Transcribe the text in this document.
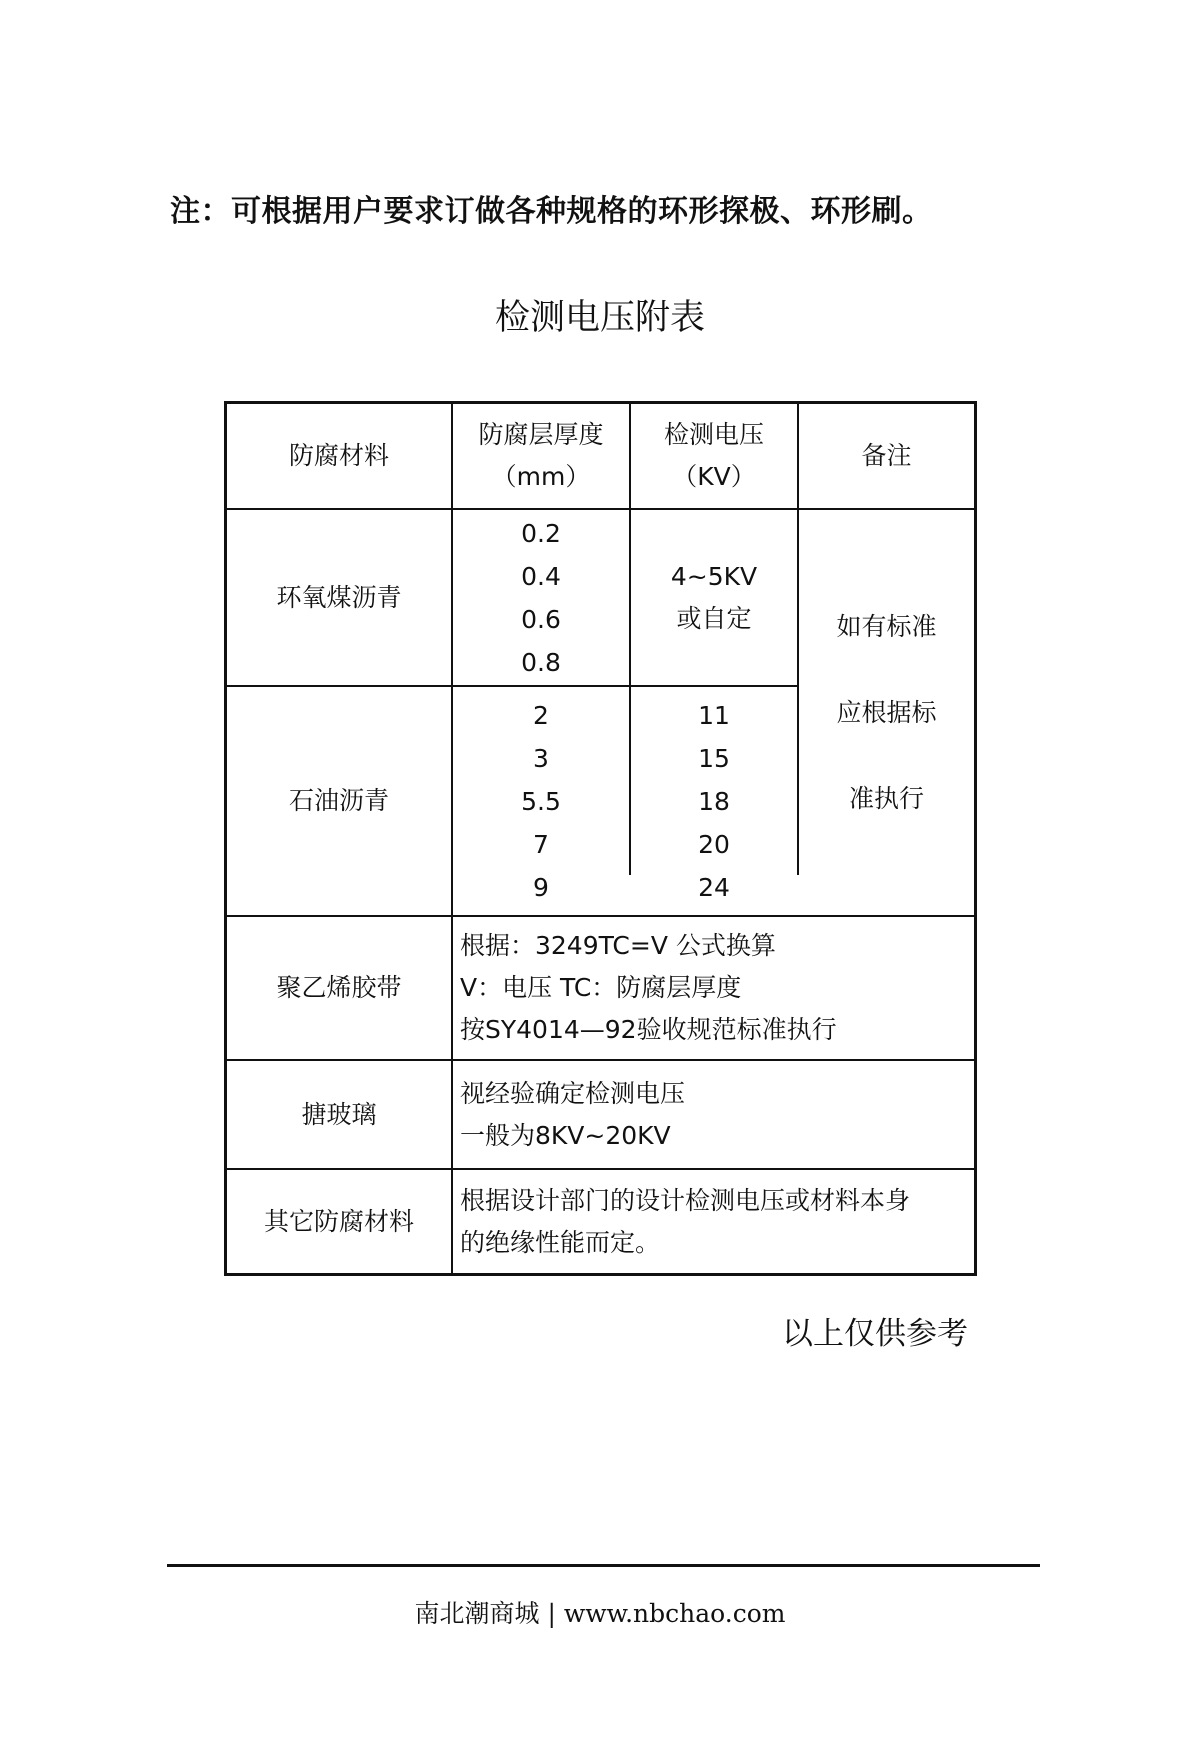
注：可根据用户要求订做各种规格的环形探极、环形刷。
检测电压附表
防腐材料
防腐层厚度
（mm）
检测电压
（KV）
备注
环氧煤沥青
0.2
0.4
0.6
0.8
4~5KV
或自定
石油沥青
2
3
5.5
7
9
11
15
18
20
24
如有标准
应根据标
准执行
聚乙烯胶带
根据：3249TC=V 公式换算
V：电压 TC：防腐层厚度
按SY4014—92验收规范标准执行
搪玻璃
视经验确定检测电压
一般为8KV~20KV
其它防腐材料
根据设计部门的设计检测电压或材料本身
的绝缘性能而定。
以上仅供参考
南北潮商城 | www.nbchao.com
